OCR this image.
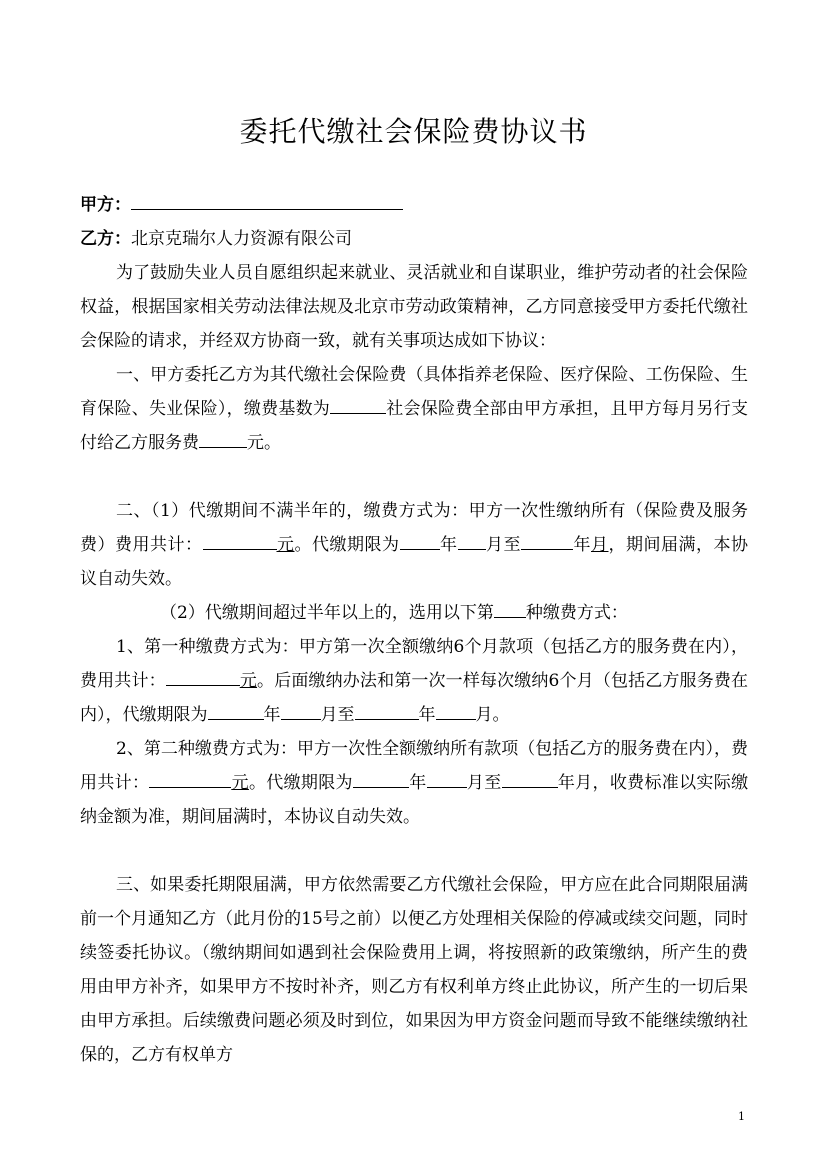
委托代缴社会保险费协议书

甲方：

乙方：北京克瑞尔人力资源有限公司

为了鼓励失业人员自愿组织起来就业、灵活就业和自谋职业，维护劳动者的社会保险权益，根据国家相关劳动法律法规及北京市劳动政策精神，乙方同意接受甲方委托代缴社会保险的请求，并经双方协商一致，就有关事项达成如下协议：

一、甲方委托乙方为其代缴社会保险费（具体指养老保险、医疗保险、工伤保险、生育保险、失业保险），缴费基数为	社会保险费全部由甲方承担，且甲方每月另行支付给乙方服务费	元。

二、（1）代缴期间不满半年的，缴费方式为：甲方一次性缴纳所有（保险费及服务费）费用共计：	元。代缴期限为 年 月至	年月，期间届满，本协议自动失效。

（2）代缴期间超过半年以上的，选用以下第 种缴费方式：

1、第一种缴费方式为：甲方第一次全额缴纳6个月款项（包括乙方的服务费在内），费用共计：	元。后面缴纳办法和第一次一样每次缴纳6个月（包括乙方服务费在内），代缴期限为	年 月至	年 月。

2、第二种缴费方式为：甲方一次性全额缴纳所有款项（包括乙方的服务费在内），费用共计：	元。代缴期限为	年 月至	年月，收费标准以实际缴纳金额为准，期间届满时，本协议自动失效。

三、如果委托期限届满，甲方依然需要乙方代缴社会保险，甲方应在此合同期限届满前一个月通知乙方（此月份的15号之前）以便乙方处理相关保险的停减或续交问题，同时续签委托协议。（缴纳期间如遇到社会保险费用上调，将按照新的政策缴纳，所产生的费用由甲方补齐，如果甲方不按时补齐，则乙方有权利单方终止此协议，所产生的一切后果由甲方承担。后续缴费问题必须及时到位，如果因为甲方资金问题而导致不能继续缴纳社保的，乙方有权单方

1
